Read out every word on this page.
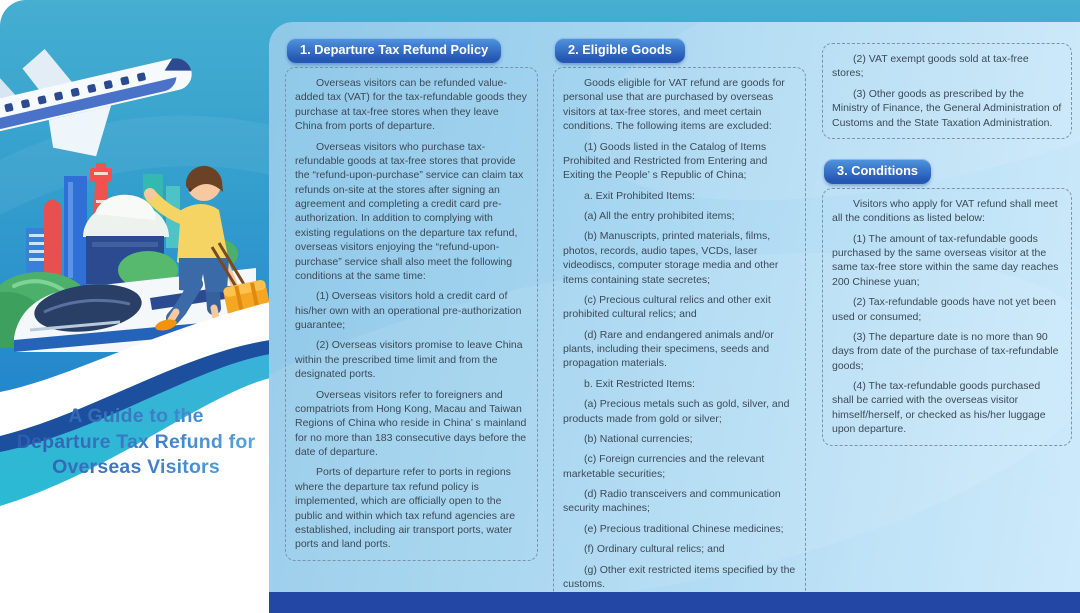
A Guide to the
Departure Tax Refund for
Overseas Visitors
1. Departure Tax Refund Policy

Overseas visitors can be refunded value-added tax (VAT) for the tax-refundable goods they purchase at tax-free stores when they leave China from ports of departure.

Overseas visitors who purchase tax-refundable goods at tax-free stores that provide the “refund-upon-purchase” service can claim tax refunds on-site at the stores after signing an agreement and completing a credit card pre-authorization. In addition to complying with existing regulations on the departure tax refund, overseas visitors enjoying the “refund-upon-purchase” service shall also meet the following conditions at the same time:

(1) Overseas visitors hold a credit card of his/her own with an operational pre-authorization guarantee;

(2) Overseas visitors promise to leave China within the prescribed time limit and from the designated ports.

Overseas visitors refer to foreigners and compatriots from Hong Kong, Macau and Taiwan Regions of China who reside in China’ s mainland for no more than 183 consecutive days before the date of departure.

Ports of departure refer to ports in regions where the departure tax refund policy is implemented, which are officially open to the public and within which tax refund agencies are established, including air transport ports, water ports and land ports.

2. Eligible Goods

Goods eligible for VAT refund are goods for personal use that are purchased by overseas visitors at tax-free stores, and meet certain conditions. The following items are excluded:

(1) Goods listed in the Catalog of Items Prohibited and Restricted from Entering and Exiting the People’ s Republic of China;

a. Exit Prohibited Items:

(a) All the entry prohibited items;

(b) Manuscripts, printed materials, films, photos, records, audio tapes, VCDs, laser videodiscs, computer storage media and other items containing state secretes;

(c) Precious cultural relics and other exit prohibited cultural relics; and

(d) Rare and endangered animals and/or plants, including their specimens, seeds and propagation materials.

b. Exit Restricted Items:

(a) Precious metals such as gold, silver, and products made from gold or silver;

(b) National currencies;

(c) Foreign currencies and the relevant marketable securities;

(d) Radio transceivers and communication security machines;

(e) Precious traditional Chinese medicines;

(f) Ordinary cultural relics; and

(g) Other exit restricted items specified by the customs.

(2) VAT exempt goods sold at tax-free stores;

(3) Other goods as prescribed by the Ministry of Finance, the General Administration of Customs and the State Taxation Administration.

3. Conditions

Visitors who apply for VAT refund shall meet all the conditions as listed below:

(1) The amount of tax-refundable goods purchased by the same overseas visitor at the same tax-free store within the same day reaches 200 Chinese yuan;

(2) Tax-refundable goods have not yet been used or consumed;

(3) The departure date is no more than 90 days from date of the purchase of tax-refundable goods;

(4) The tax-refundable goods purchased shall be carried with the overseas visitor himself/herself, or checked as his/her luggage upon departure.
